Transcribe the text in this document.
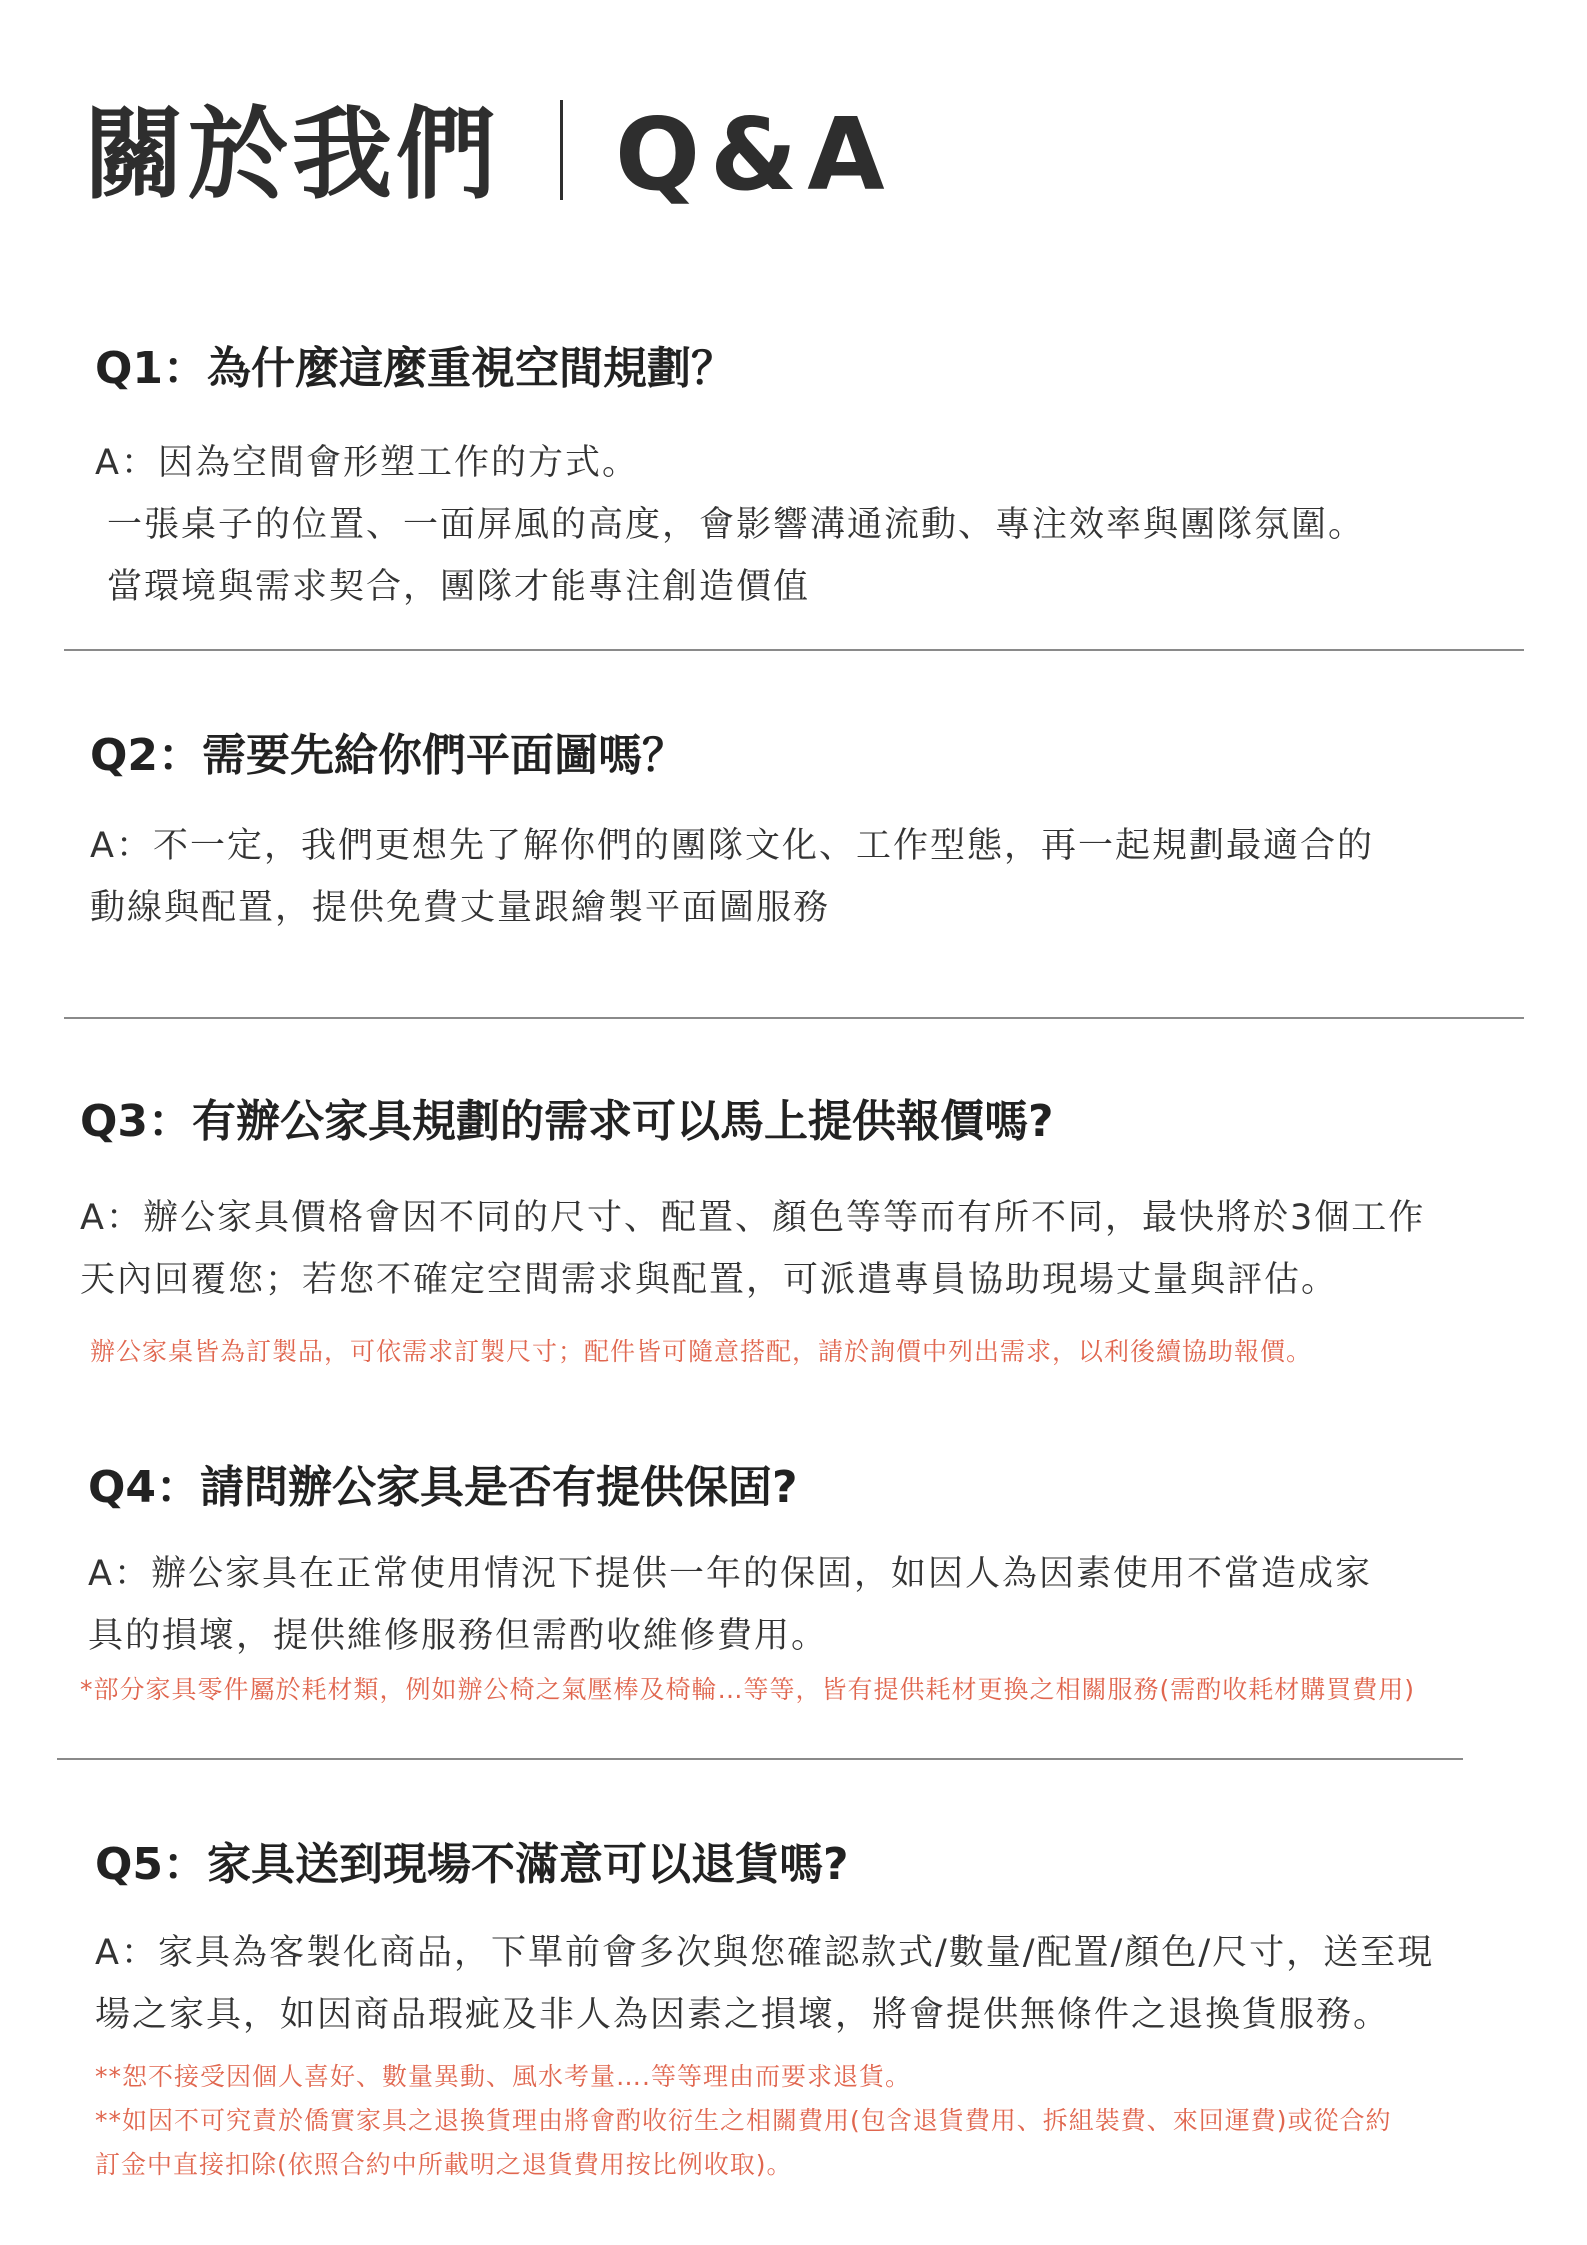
關於我們 Q&A
Q1：為什麼這麼重視空間規劃？
A：因為空間會形塑工作的方式。
一張桌子的位置、一面屏風的高度，會影響溝通流動、專注效率與團隊氛圍。
當環境與需求契合，團隊才能專注創造價值
Q2：需要先給你們平面圖嗎？
A：不一定，我們更想先了解你們的團隊文化、工作型態，再一起規劃最適合的
動線與配置，提供免費丈量跟繪製平面圖服務
Q3：有辦公家具規劃的需求可以馬上提供報價嗎?
A：辦公家具價格會因不同的尺寸、配置、顏色等等而有所不同，最快將於3個工作
天內回覆您；若您不確定空間需求與配置，可派遣專員協助現場丈量與評估。
辦公家桌皆為訂製品，可依需求訂製尺寸；配件皆可隨意搭配，請於詢價中列出需求，以利後續協助報價。
Q4：請問辦公家具是否有提供保固?
A：辦公家具在正常使用情況下提供一年的保固，如因人為因素使用不當造成家
具的損壞，提供維修服務但需酌收維修費用。
*部分家具零件屬於耗材類，例如辦公椅之氣壓棒及椅輪…等等，皆有提供耗材更換之相關服務(需酌收耗材購買費用)
Q5：家具送到現場不滿意可以退貨嗎?
A：家具為客製化商品，下單前會多次與您確認款式/數量/配置/顏色/尺寸，送至現
場之家具，如因商品瑕疵及非人為因素之損壞，將會提供無條件之退換貨服務。
**恕不接受因個人喜好、數量異動、風水考量….等等理由而要求退貨。
**如因不可究責於僑實家具之退換貨理由將會酌收衍生之相關費用(包含退貨費用、拆組裝費、來回運費)或從合約
訂金中直接扣除(依照合約中所載明之退貨費用按比例收取)。
